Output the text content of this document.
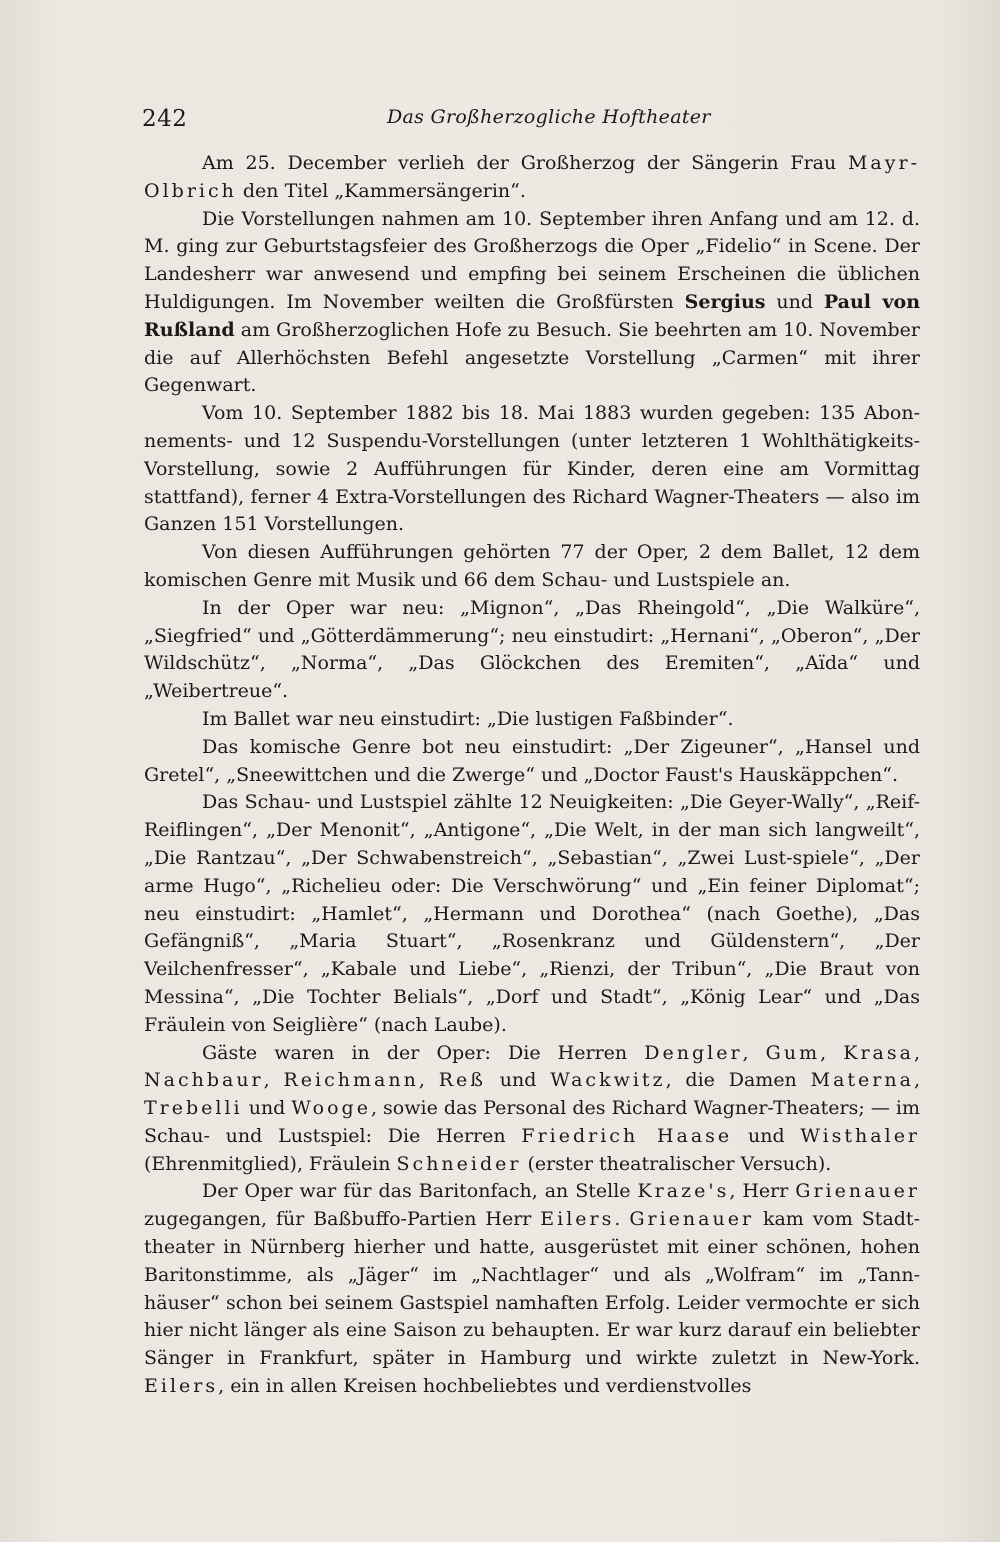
242	Das Großherzogliche Hoftheater

Am 25. December verlieh der Großherzog der Sängerin Frau Mayr-Olbrich den Titel „Kammersängerin“.

Die Vorstellungen nahmen am 10. September ihren Anfang und am 12. d. M. ging zur Geburtstagsfeier des Großherzogs die Oper „Fidelio“ in Scene. Der Landesherr war anwesend und empfing bei seinem Erscheinen die üblichen Huldigungen. Im November weilten die Großfürsten Sergius und Paul von Rußland am Großherzoglichen Hofe zu Besuch. Sie beehrten am 10. November die auf Allerhöchsten Befehl angesetzte Vorstellung „Carmen“ mit ihrer Gegenwart.

Vom 10. September 1882 bis 18. Mai 1883 wurden gegeben: 135 Abon-nements- und 12 Suspendu-Vorstellungen (unter letzteren 1 Wohlthätigkeits-Vorstellung, sowie 2 Aufführungen für Kinder, deren eine am Vormittag stattfand), ferner 4 Extra-Vorstellungen des Richard Wagner-Theaters — also im Ganzen 151 Vorstellungen.

Von diesen Aufführungen gehörten 77 der Oper, 2 dem Ballet, 12 dem komischen Genre mit Musik und 66 dem Schau- und Lustspiele an.

In der Oper war neu: „Mignon“, „Das Rheingold“, „Die Walküre“, „Siegfried“ und „Götterdämmerung“; neu einstudirt: „Hernani“, „Oberon“, „Der Wildschütz“, „Norma“, „Das Glöckchen des Eremiten“, „Aïda“ und „Weibertreue“.

Im Ballet war neu einstudirt: „Die lustigen Faßbinder“.

Das komische Genre bot neu einstudirt: „Der Zigeuner“, „Hansel und Gretel“, „Sneewittchen und die Zwerge“ und „Doctor Faust's Hauskäppchen“.

Das Schau- und Lustspiel zählte 12 Neuigkeiten: „Die Geyer-Wally“, „Reif-Reiflingen“, „Der Menonit“, „Antigone“, „Die Welt, in der man sich langweilt“, „Die Rantzau“, „Der Schwabenstreich“, „Sebastian“, „Zwei Lust-spiele“, „Der arme Hugo“, „Richelieu oder: Die Verschwörung“ und „Ein feiner Diplomat“; neu einstudirt: „Hamlet“, „Hermann und Dorothea“ (nach Goethe), „Das Gefängniß“, „Maria Stuart“, „Rosenkranz und Güldenstern“, „Der Veilchenfresser“, „Kabale und Liebe“, „Rienzi, der Tribun“, „Die Braut von Messina“, „Die Tochter Belials“, „Dorf und Stadt“, „König Lear“ und „Das Fräulein von Seiglière“ (nach Laube).

Gäste waren in der Oper: Die Herren Dengler, Gum, Krasa, Nachbaur, Reichmann, Reß und Wackwitz, die Damen Materna, Trebelli und Wooge, sowie das Personal des Richard Wagner-Theaters; — im Schau- und Lustspiel: Die Herren Friedrich Haase und Wisthaler (Ehrenmitglied), Fräulein Schneider (erster theatralischer Versuch).

Der Oper war für das Baritonfach, an Stelle Kraze's, Herr Grienauer zugegangen, für Baßbuffo-Partien Herr Eilers. Grienauer kam vom Stadt-theater in Nürnberg hierher und hatte, ausgerüstet mit einer schönen, hohen Baritonstimme, als „Jäger“ im „Nachtlager“ und als „Wolfram“ im „Tann-häuser“ schon bei seinem Gastspiel namhaften Erfolg. Leider vermochte er sich hier nicht länger als eine Saison zu behaupten. Er war kurz darauf ein beliebter Sänger in Frankfurt, später in Hamburg und wirkte zuletzt in New-York. Eilers, ein in allen Kreisen hochbeliebtes und verdienstvolles
